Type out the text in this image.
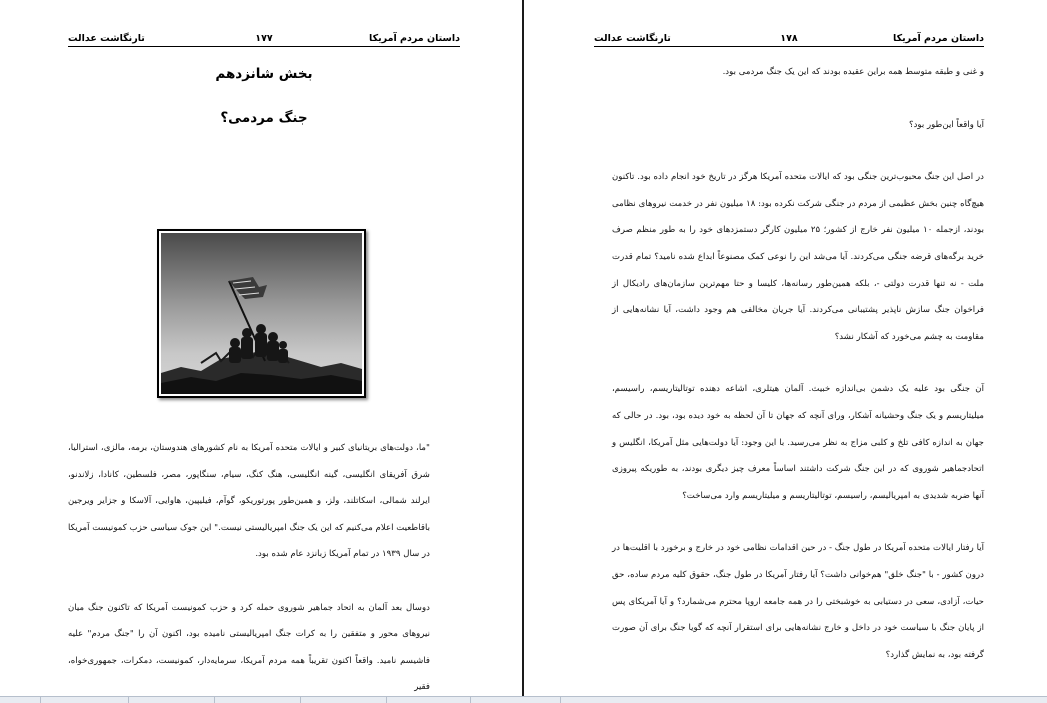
داستان مردم آمریکا
۱۷۷
تارنگاشت عدالت
بخش شانزدهم
جنگ مردمی؟

"ما، دولت‌های بریتانیای کبیر و ایالات متحده آمریکا به نام کشورهای هندوستان، برمه، مالزی، استرالیا، شرق آفریقای انگلیسی، گینه انگلیسی، هنگ کنگ، سیام، سنگاپور، مصر، فلسطین، کانادا، زلاندنو، ایرلند شمالی، اسکاتلند، ولز، و همین‌طور پورتوریکو، گوآم، فیلیپین، هاوایی، آلاسکا و جزایر ویرجین باقاطعیت اعلام می‌کنیم که این یک جنگ امپریالیستی نیست." این جوک سیاسی حزب کمونیست آمریکا در سال ۱۹۳۹ در تمام آمریکا زبانزد عام شده بود.

دوسال بعد آلمان به اتحاد جماهیر شوروی حمله کرد و حزب کمونیست آمریکا که تاکنون جنگ میان نیروهای محور و متفقین را به کرات جنگ امپریالیستی نامیده بود، اکنون آن را "جنگ مردم" علیه فاشیسم نامید. واقعاً اکنون تقریباً همه مردم آمریکا، سرمایه‌دار، کمونیست، دمکرات، جمهوری‌خواه، فقیر

داستان مردم آمریکا
۱۷۸
تارنگاشت عدالت

و غنی و طبقه متوسط همه براین عقیده بودند که این یک جنگ مردمی بود.

آیا واقعاً این‌طور بود؟

در اصل این جنگ محبوب‌ترین جنگی بود که ایالات متحده آمریکا هرگز در تاریخ خود انجام داده بود. تاکنون هیچ‌گاه چنین بخش عظیمی از مردم در جنگی شرکت نکرده بود: ۱۸ میلیون نفر در خدمت نیروهای نظامی بودند، ازجمله ۱۰ میلیون نفر خارج از کشور؛ ۲۵ میلیون کارگر دستمزدهای خود را به طور منظم صرف خرید برگه‌های قرضه جنگی می‌کردند. آیا می‌شد این را نوعی کمک مصنوعاً ابداع شده نامید؟ تمام قدرت ملت - نه تنها قدرت دولتی -، بلکه همین‌طور رسانه‌ها، کلیسا و حتا مهم‌ترین سازمان‌های رادیکال از فراخوان جنگ سازش ناپذیر پشتیبانی می‌کردند. آیا جریان مخالفی هم وجود داشت، آیا نشانه‌هایی از مقاومت به چشم می‌خورد که آشکار نشد؟

آن جنگی بود علیه یک دشمن بی‌اندازه خبیث. آلمان هیتلری، اشاعه دهنده توتالیتاریسم، راسیسم، میلیتاریسم و یک جنگ وحشیانه آشکار، ورای آنچه که جهان تا آن لحظه به خود دیده بود، بود. در حالی که جهان به اندازه کافی تلخ و کلبی مزاج به نظر می‌رسید. با این وجود: آیا دولت‌هایی مثل آمریکا، انگلیس و اتحادجماهیر شوروی که در این جنگ شرکت داشتند اساساً معرف چیز دیگری بودند، به طوریکه پیروزی آنها ضربه شدیدی به امپریالیسم، راسیسم، توتالیتاریسم و میلیتاریسم وارد می‌ساخت؟

آیا رفتار ایالات متحده آمریکا در طول جنگ - در حین اقدامات نظامی خود در خارج و برخورد با اقلیت‌ها در درون کشور - با "جنگ خلق" هم‌خوانی داشت؟ آیا رفتار آمریکا در طول جنگ، حقوق کلیه مردم ساده، حق حیات، آزادی، سعی در دستیابی به خوشبختی را در همه جامعه اروپا محترم می‌شمارد؟ و آیا آمریکای پس از پایان جنگ با سیاست خود در داخل و خارج نشانه‌هایی برای استقرار آنچه که گویا جنگ برای آن صورت گرفته بود، به نمایش گذارد؟
